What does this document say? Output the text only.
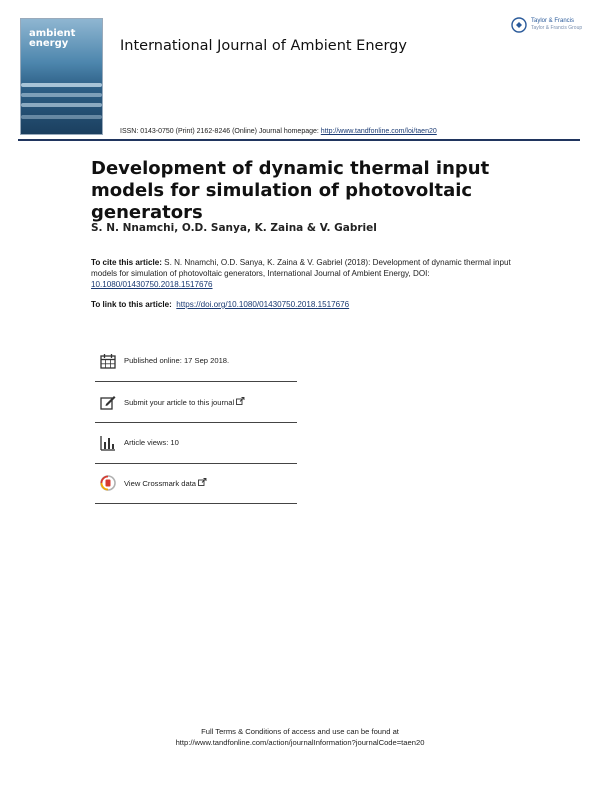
ambient
energy	International Journal of Ambient Energy
Taylor & Francis
Taylor & Francis Group
ISSN: 0143-0750 (Print) 2162-8246 (Online) Journal homepage: http://www.tandfonline.com/loi/taen20
Development of dynamic thermal input models for simulation of photovoltaic generators
S. N. Nnamchi, O.D. Sanya, K. Zaina & V. Gabriel
To cite this article: S. N. Nnamchi, O.D. Sanya, K. Zaina & V. Gabriel (2018): Development of dynamic thermal input models for simulation of photovoltaic generators, International Journal of Ambient Energy, DOI: 10.1080/01430750.2018.1517676
To link to this article: https://doi.org/10.1080/01430750.2018.1517676
Published online: 17 Sep 2018.
Submit your article to this journal
Article views: 10
View Crossmark data
Full Terms & Conditions of access and use can be found at
http://www.tandfonline.com/action/journalInformation?journalCode=taen20
